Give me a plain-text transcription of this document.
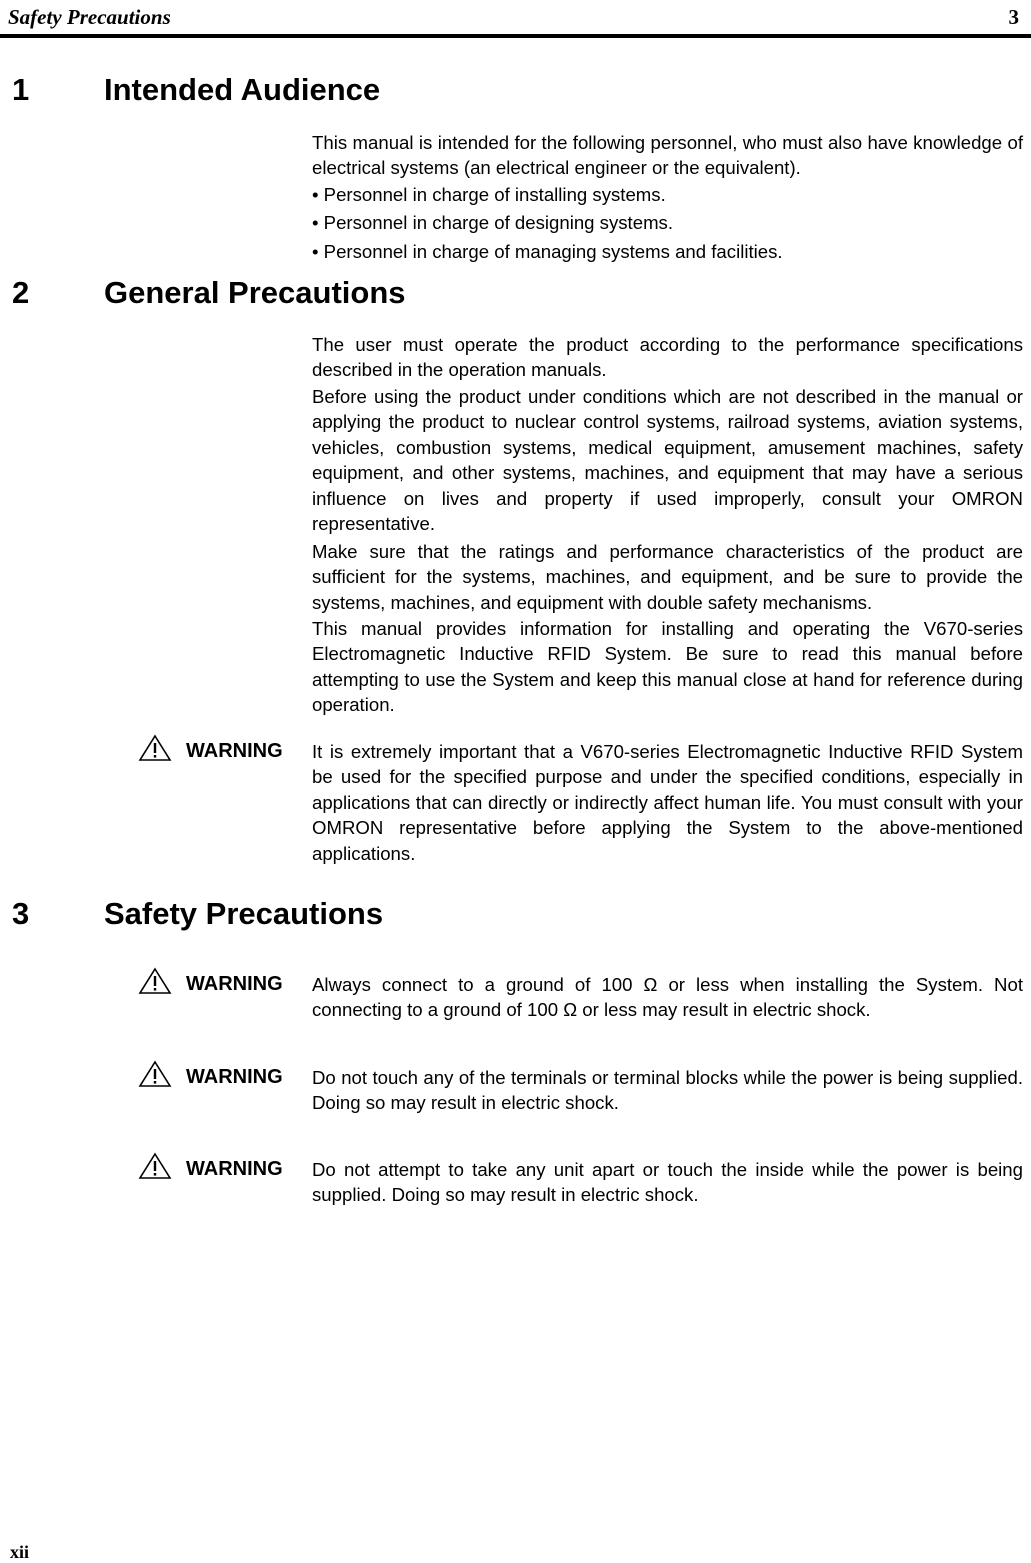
Safety Precautions	3
1 Intended Audience

This manual is intended for the following personnel, who must also have knowledge of electrical systems (an electrical engineer or the equivalent).

• Personnel in charge of installing systems.
• Personnel in charge of designing systems.
• Personnel in charge of managing systems and facilities.
2 General Precautions

The user must operate the product according to the performance specifications described in the operation manuals.

Before using the product under conditions which are not described in the manual or applying the product to nuclear control systems, railroad systems, aviation systems, vehicles, combustion systems, medical equipment, amusement machines, safety equipment, and other systems, machines, and equipment that may have a serious influence on lives and property if used improperly, consult your OMRON representative.

Make sure that the ratings and performance characteristics of the product are sufficient for the systems, machines, and equipment, and be sure to provide the systems, machines, and equipment with double safety mechanisms.

This manual provides information for installing and operating the V670-series Electromagnetic Inductive RFID System. Be sure to read this manual before attempting to use the System and keep this manual close at hand for reference during operation.

WARNING It is extremely important that a V670-series Electromagnetic Inductive RFID System be used for the specified purpose and under the specified conditions, especially in applications that can directly or indirectly affect human life. You must consult with your OMRON representative before applying the System to the above-mentioned applications.

3 Safety Precautions
WARNING Always connect to a ground of 100 Ω or less when installing the System. Not connecting to a ground of 100 Ω or less may result in electric shock.

WARNING Do not touch any of the terminals or terminal blocks while the power is being supplied. Doing so may result in electric shock.

WARNING Do not attempt to take any unit apart or touch the inside while the power is being supplied. Doing so may result in electric shock.

xii
